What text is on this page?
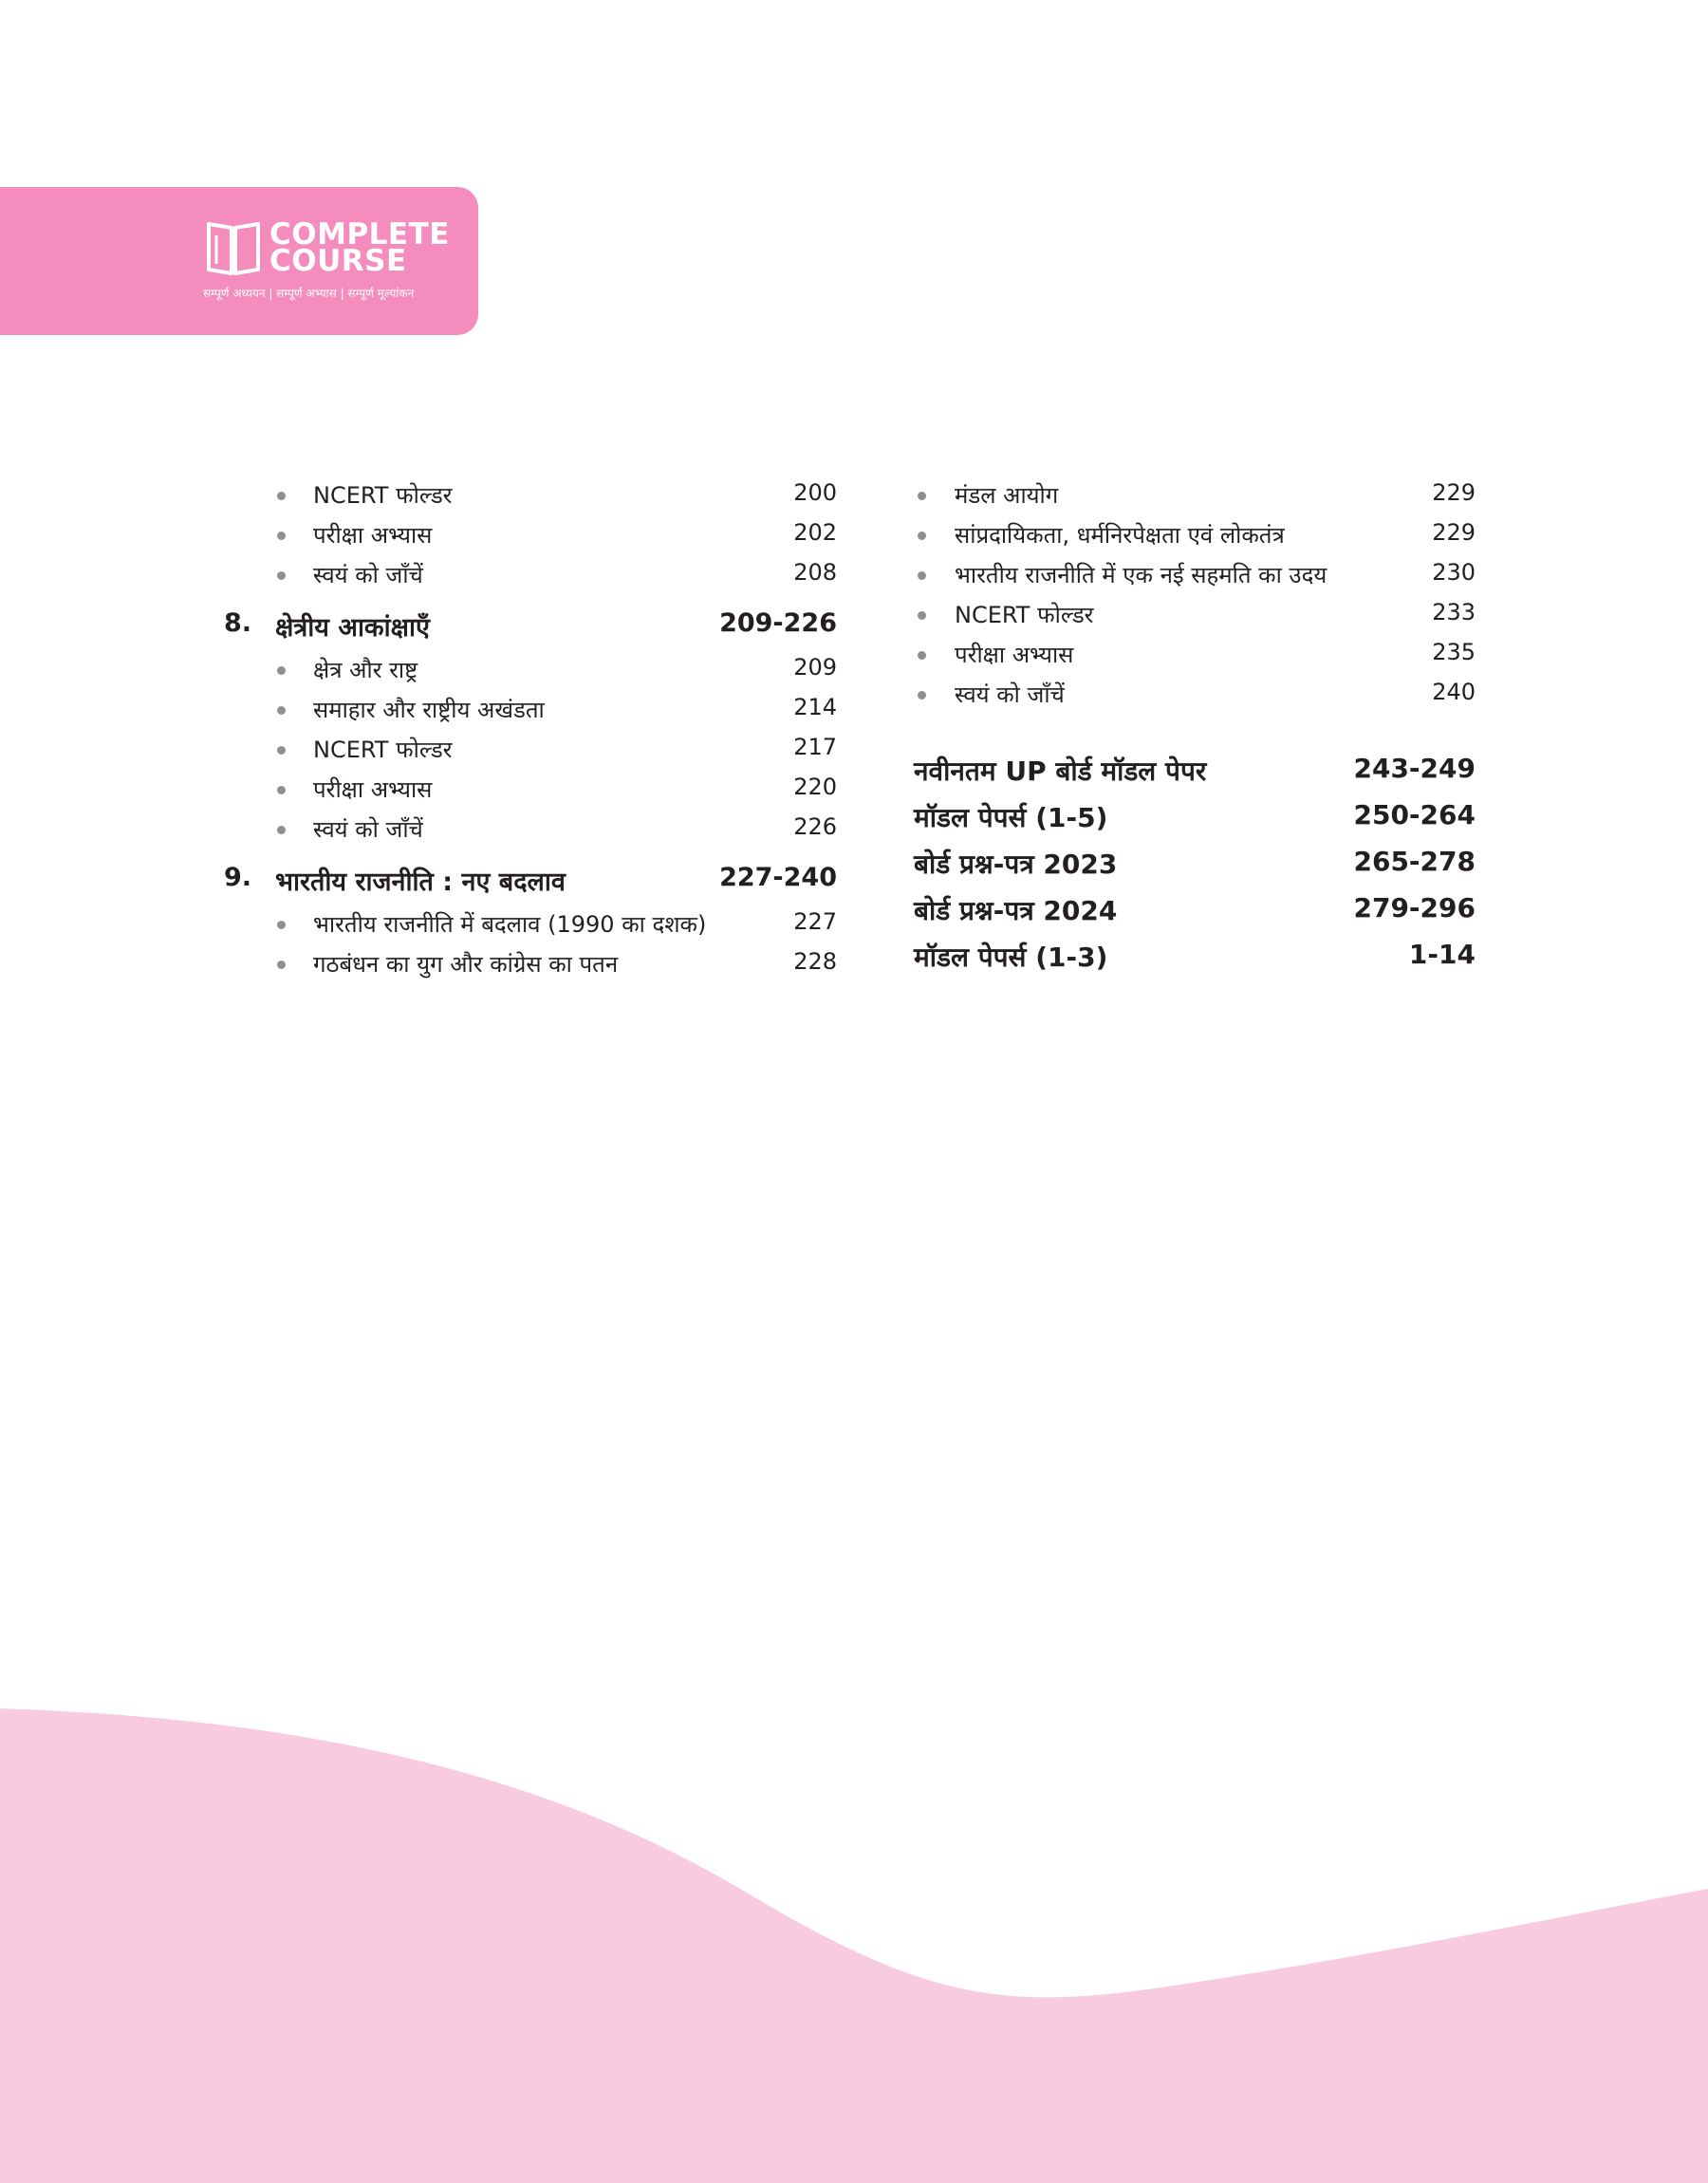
COMPLETE
COURSE
सम्पूर्ण अध्ययन | सम्पूर्ण अभ्यास | सम्पूर्ण मूल्यांकन
NCERT फोल्डर	200
परीक्षा अभ्यास	202
स्वयं को जाँचें	208
8. क्षेत्रीय आकांक्षाएँ	209-226
क्षेत्र और राष्ट्र	209
समाहार और राष्ट्रीय अखंडता	214
NCERT फोल्डर	217
परीक्षा अभ्यास	220
स्वयं को जाँचें	226
9. भारतीय राजनीति : नए बदलाव	227-240
भारतीय राजनीति में बदलाव (1990 का दशक)	227
गठबंधन का युग और कांग्रेस का पतन	228
मंडल आयोग	229
सांप्रदायिकता, धर्मनिरपेक्षता एवं लोकतंत्र	229
भारतीय राजनीति में एक नई सहमति का उदय	230
NCERT फोल्डर	233
परीक्षा अभ्यास	235
स्वयं को जाँचें	240
नवीनतम UP बोर्ड मॉडल पेपर	243-249
मॉडल पेपर्स (1-5)	250-264
बोर्ड प्रश्न-पत्र 2023	265-278
बोर्ड प्रश्न-पत्र 2024	279-296
मॉडल पेपर्स (1-3)	1-14
